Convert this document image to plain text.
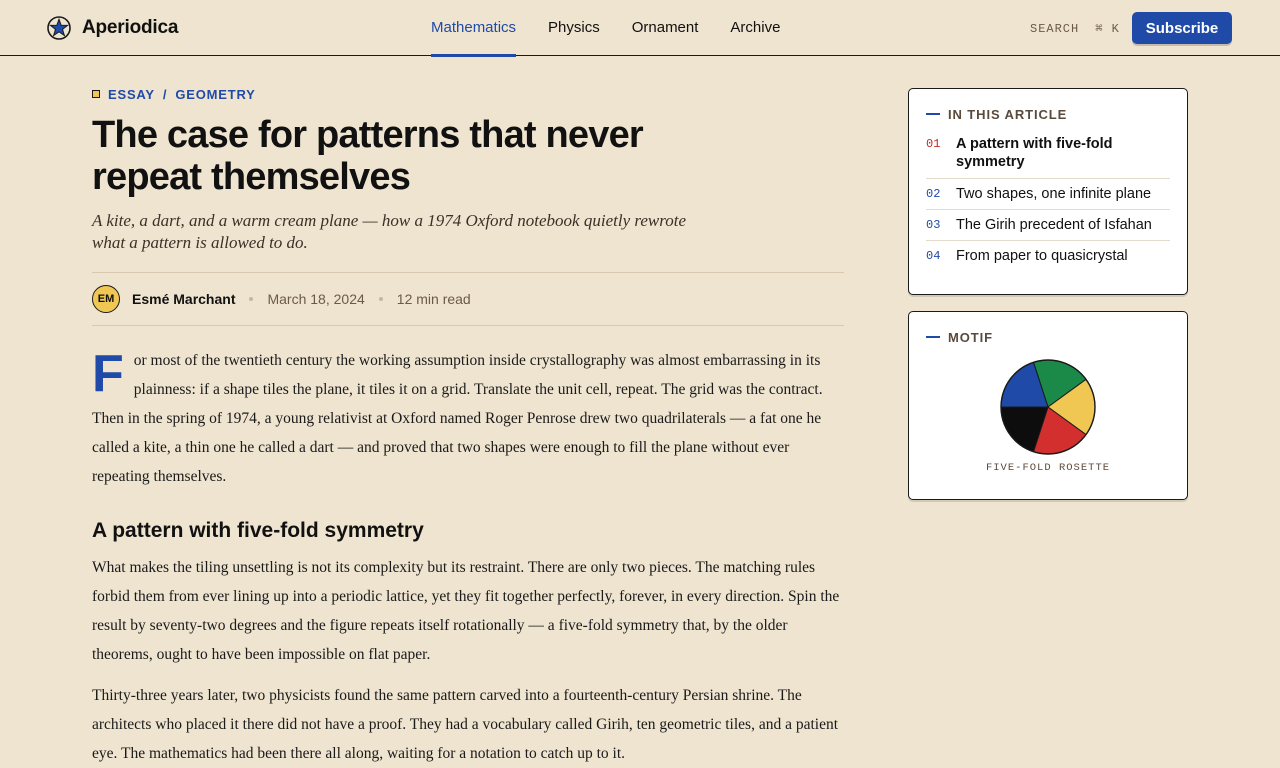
Aperiodica	Mathematics Physics Ornament Archive	SEARCH ⌘ K	Subscribe
ESSAY / GEOMETRY
The case for patterns that never repeat themselves

A kite, a dart, and a warm cream plane — how a 1974 Oxford notebook quietly rewrote what a pattern is allowed to do.

EM	Esmé Marchant March 18, 2024 12 min read

F or most of the twentieth century the working assumption inside crystallography was almost embarrassing in its plainness: if a shape tiles the plane, it tiles it on a grid. Translate the unit cell, repeat. The grid was the contract. Then in the spring of 1974, a young relativist at Oxford named Roger Penrose drew two quadrilaterals — a fat one he called a kite, a thin one he called a dart — and proved that two shapes were enough to fill the plane without ever repeating themselves.

A pattern with five-fold symmetry

What makes the tiling unsettling is not its complexity but its restraint. There are only two pieces. The matching rules forbid them from ever lining up into a periodic lattice, yet they fit together perfectly, forever, in every direction. Spin the result by seventy-two degrees and the figure repeats itself rotationally — a five-fold symmetry that, by the older theorems, ought to have been impossible on flat paper.

Thirty-three years later, two physicists found the same pattern carved into a fourteenth-century Persian shrine. The architects who placed it there did not have a proof. They had a vocabulary called Girih, ten geometric tiles, and a patient eye. The mathematics had been there all along, waiting for a notation to catch up to it.

IN THIS ARTICLE
01	A pattern with five-fold symmetry
02	Two shapes, one infinite plane
03	The Girih precedent of Isfahan
04	From paper to quasicrystal
MOTIF
FIVE-FOLD ROSETTE
